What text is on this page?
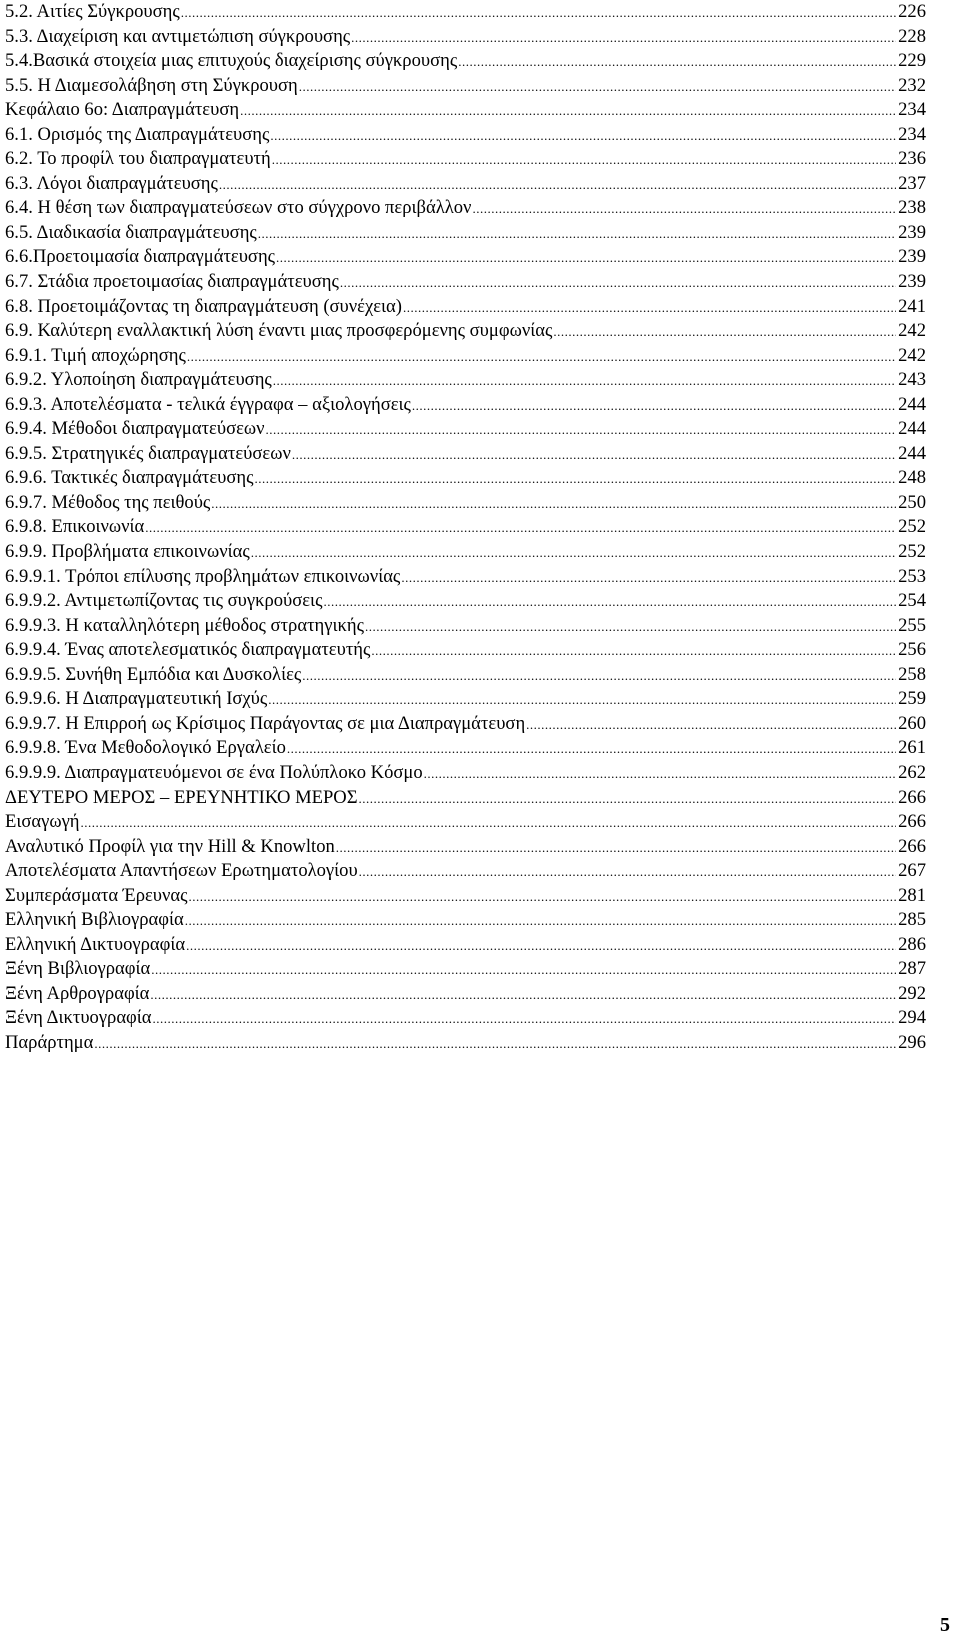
5.2. Αιτίες Σύγκρουσης .....	226
5.3. Διαχείριση και αντιμετώπιση σύγκρουσης .....	228
5.4.Βασικά στοιχεία μιας επιτυχούς διαχείρισης σύγκρουσης .....	229
5.5. Η Διαμεσολάβηση στη Σύγκρουση .....	232
Κεφάλαιο 6ο: Διαπραγμάτευση .....	234
6.1. Ορισμός της Διαπραγμάτευσης .....	234
6.2. Το προφίλ του διαπραγματευτή .....	236
6.3. Λόγοι διαπραγμάτευσης .....	237
6.4. Η θέση των διαπραγματεύσεων στο σύγχρονο περιβάλλον .....	238
6.5. Διαδικασία διαπραγμάτευσης .....	239
6.6.Προετοιμασία διαπραγμάτευσης .....	239
6.7. Στάδια προετοιμασίας διαπραγμάτευσης .....	239
6.8. Προετοιμάζοντας τη διαπραγμάτευση (συνέχεια) .....	241
6.9. Καλύτερη εναλλακτική λύση έναντι μιας προσφερόμενης συμφωνίας .....	242
6.9.1. Τιμή αποχώρησης .....	242
6.9.2. Υλοποίηση διαπραγμάτευσης .....	243
6.9.3. Αποτελέσματα - τελικά έγγραφα – αξιολογήσεις .....	244
6.9.4. Μέθοδοι διαπραγματεύσεων .....	244
6.9.5. Στρατηγικές διαπραγματεύσεων .....	244
6.9.6. Τακτικές διαπραγμάτευσης .....	248
6.9.7. Μέθοδος της πειθούς .....	250
6.9.8. Επικοινωνία .....	252
6.9.9. Προβλήματα επικοινωνίας .....	252
6.9.9.1. Τρόποι επίλυσης προβλημάτων επικοινωνίας .....	253
6.9.9.2. Αντιμετωπίζοντας τις συγκρούσεις .....	254
6.9.9.3. Η καταλληλότερη μέθοδος στρατηγικής .....	255
6.9.9.4. Ένας αποτελεσματικός διαπραγματευτής .....	256
6.9.9.5. Συνήθη Εμπόδια και Δυσκολίες .....	258
6.9.9.6. Η Διαπραγματευτική Ισχύς .....	259
6.9.9.7. Η Επιρροή ως Κρίσιμος Παράγοντας σε μια Διαπραγμάτευση .....	260
6.9.9.8. Ένα Μεθοδολογικό Εργαλείο .....	261
6.9.9.9. Διαπραγματευόμενοι σε ένα Πολύπλοκο Κόσμο .....	262
ΔΕΥΤΕΡΟ ΜΕΡΟΣ – ΕΡΕΥΝΗΤΙΚΟ ΜΕΡΟΣ .....	266
Εισαγωγή .....	266
Αναλυτικό Προφίλ για την Hill & Knowlton .....	266
Αποτελέσματα Απαντήσεων Ερωτηματολογίου .....	267
Συμπεράσματα Έρευνας .....	281
Ελληνική Βιβλιογραφία .....	285
Ελληνική Δικτυογραφία .....	286
Ξένη Βιβλιογραφία .....	287
Ξένη Αρθρογραφία .....	292
Ξένη Δικτυογραφία .....	294
Παράρτημα .....	296
5
